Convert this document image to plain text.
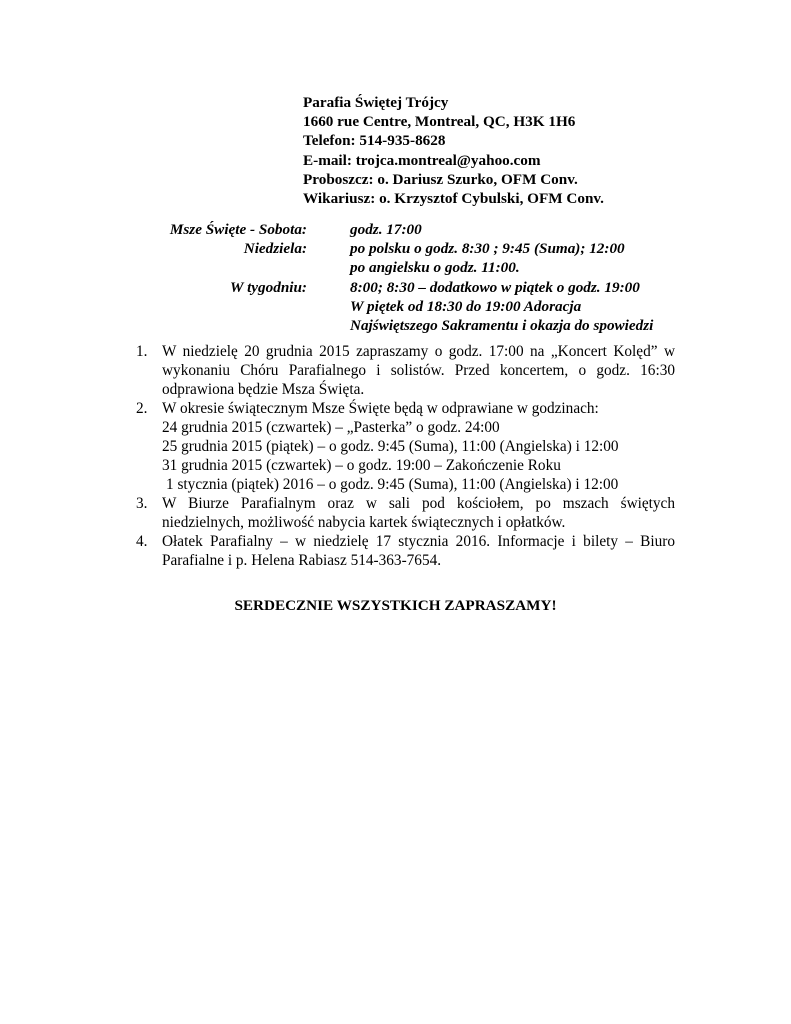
Parafia Świętej Trójcy
1660 rue Centre, Montreal, QC, H3K 1H6
Telefon: 514-935-8628
E-mail: trojca.montreal@yahoo.com
Proboszcz: o. Dariusz Szurko, OFM Conv.
Wikariusz: o. Krzysztof Cybulski, OFM Conv.
Msze Święte - Sobota:	godz. 17:00
Niedziela:	po polsku o godz. 8:30 ; 9:45 (Suma); 12:00
po angielsku o godz. 11:00.
W tygodniu:	8:00; 8:30 – dodatkowo w piątek o godz. 19:00
W piętek od 18:30 do 19:00 Adoracja
Najświętszego Sakramentu i okazja do spowiedzi
1. W niedzielę 20 grudnia 2015 zapraszamy o godz. 17:00 na „Koncert Kolęd” w
wykonaniu Chóru Parafialnego i solistów. Przed koncertem, o godz. 16:30
odprawiona będzie Msza Święta.
2. W okresie świątecznym Msze Święte będą w odprawiane w godzinach:
24 grudnia 2015 (czwartek) – „Pasterka” o godz. 24:00
25 grudnia 2015 (piątek) – o godz. 9:45 (Suma), 11:00 (Angielska) i 12:00
31 grudnia 2015 (czwartek) – o godz. 19:00 – Zakończenie Roku
1 stycznia (piątek) 2016 – o godz. 9:45 (Suma), 11:00 (Angielska) i 12:00
3. W Biurze Parafialnym oraz w sali pod kościołem, po mszach świętych
niedzielnych, możliwość nabycia kartek świątecznych i opłatków.
4. Ołatek Parafialny – w niedzielę 17 stycznia 2016. Informacje i bilety – Biuro
Parafialne i p. Helena Rabiasz 514-363-7654.
SERDECZNIE WSZYSTKICH ZAPRASZAMY!
